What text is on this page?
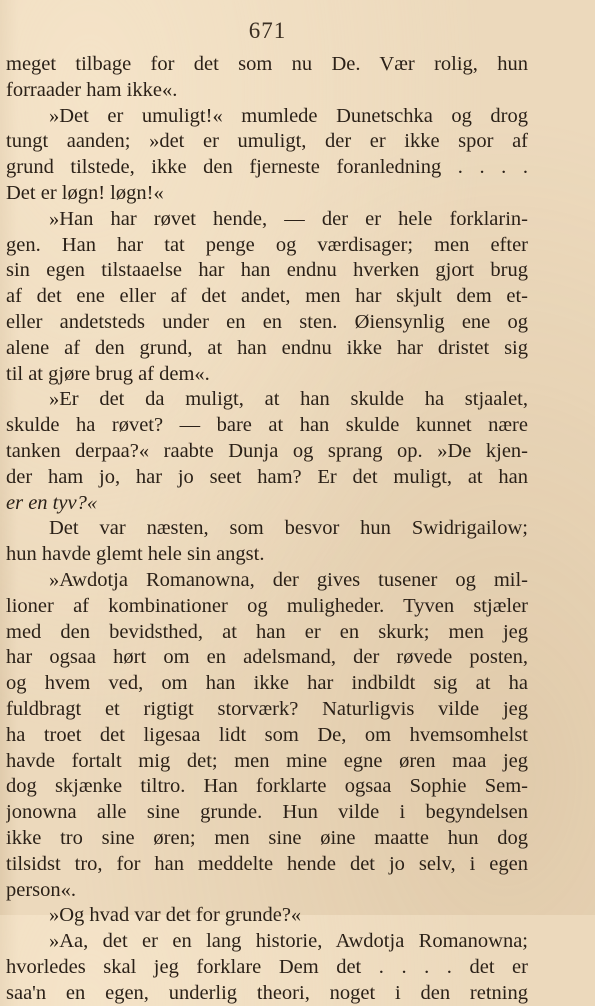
671
meget tilbage for det som nu De. Vær rolig, hun
forraader ham ikke«.
»Det er umuligt!« mumlede Dunetschka og drog
tungt aanden; »det er umuligt, der er ikke spor af
grund tilstede, ikke den fjerneste foranledning . . . .
Det er løgn! løgn!«
»Han har røvet hende, — der er hele forklarin-
gen. Han har tat penge og værdisager; men efter
sin egen tilstaaelse har han endnu hverken gjort brug
af det ene eller af det andet, men har skjult dem et-
eller andetsteds under en en sten. Øiensynlig ene og
alene af den grund, at han endnu ikke har dristet sig
til at gjøre brug af dem«.
»Er det da muligt, at han skulde ha stjaalet,
skulde ha røvet? — bare at han skulde kunnet nære
tanken derpaa?« raabte Dunja og sprang op. »De kjen-
der ham jo, har jo seet ham? Er det muligt, at han
er en tyv?«
Det var næsten, som besvor hun Swidrigailow;
hun havde glemt hele sin angst.
»Awdotja Romanowna, der gives tusener og mil-
lioner af kombinationer og muligheder. Tyven stjæler
med den bevidsthed, at han er en skurk; men jeg
har ogsaa hørt om en adelsmand, der røvede posten,
og hvem ved, om han ikke har indbildt sig at ha
fuldbragt et rigtigt storværk? Naturligvis vilde jeg
ha troet det ligesaa lidt som De, om hvemsomhelst
havde fortalt mig det; men mine egne øren maa jeg
dog skjænke tiltro. Han forklarte ogsaa Sophie Sem-
jonowna alle sine grunde. Hun vilde i begyndelsen
ikke tro sine øren; men sine øine maatte hun dog
tilsidst tro, for han meddelte hende det jo selv, i egen
person«.
»Og hvad var det for grunde?«
»Aa, det er en lang historie, Awdotja Romanowna;
hvorledes skal jeg forklare Dem det . . . . det er
saa'n en egen, underlig theori, noget i den retning
